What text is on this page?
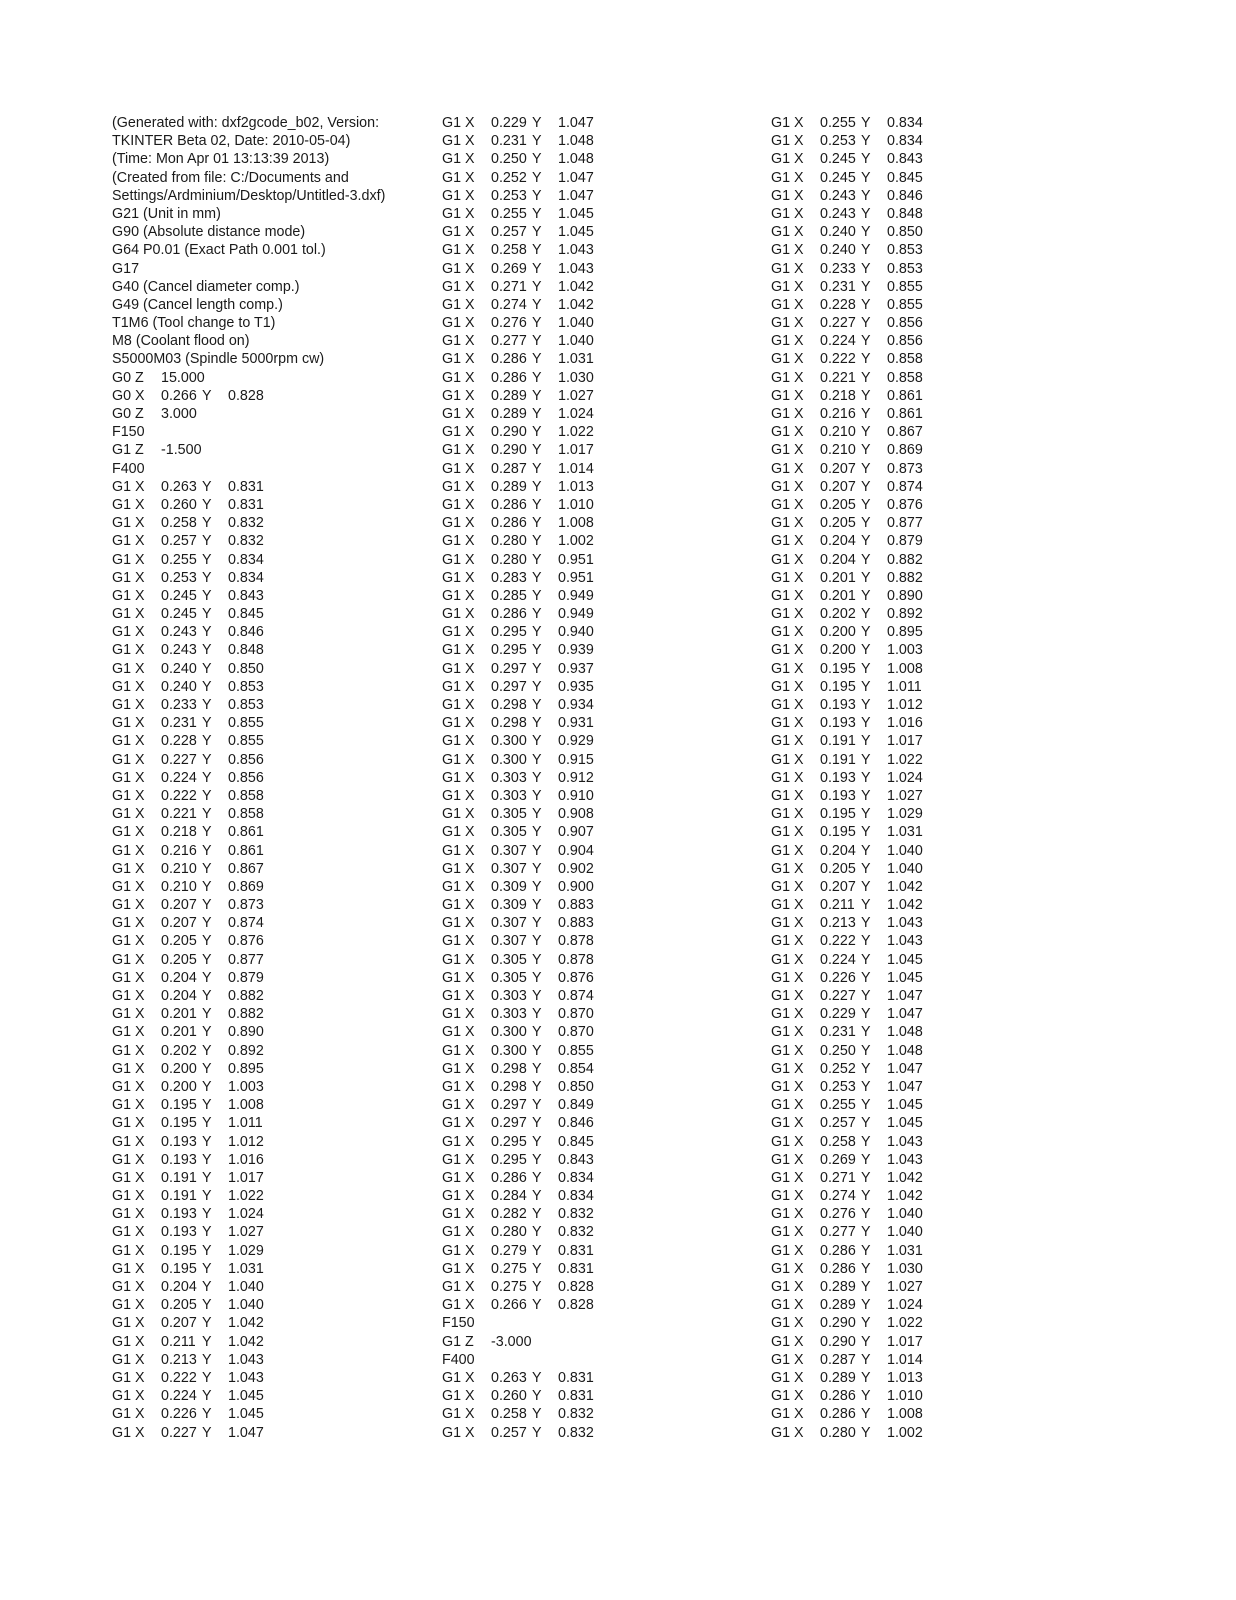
(Generated with: dxf2gcode_b02, Version:
TKINTER Beta 02, Date: 2010-05-04)
(Time: Mon Apr 01 13:13:39 2013)
(Created from file: C:/Documents and
Settings/Ardminium/Desktop/Untitled-3.dxf)
G21 (Unit in mm)
G90 (Absolute distance mode)
G64 P0.01 (Exact Path 0.001 tol.)
G17
G40 (Cancel diameter comp.)
G49 (Cancel length comp.)
T1M6 (Tool change to T1)
M8 (Coolant flood on)
S5000M03 (Spindle 5000rpm cw)
G0 Z 15.000
G0 X 0.266 Y 0.828
G0 Z 3.000
F150
G1 Z -1.500
F400
G1 X 0.263 Y 0.831
G1 X 0.260 Y 0.831
G1 X 0.258 Y 0.832
G1 X 0.257 Y 0.832
G1 X 0.255 Y 0.834
G1 X 0.253 Y 0.834
G1 X 0.245 Y 0.843
G1 X 0.245 Y 0.845
G1 X 0.243 Y 0.846
G1 X 0.243 Y 0.848
G1 X 0.240 Y 0.850
G1 X 0.240 Y 0.853
G1 X 0.233 Y 0.853
G1 X 0.231 Y 0.855
G1 X 0.228 Y 0.855
G1 X 0.227 Y 0.856
G1 X 0.224 Y 0.856
G1 X 0.222 Y 0.858
G1 X 0.221 Y 0.858
G1 X 0.218 Y 0.861
G1 X 0.216 Y 0.861
G1 X 0.210 Y 0.867
G1 X 0.210 Y 0.869
G1 X 0.207 Y 0.873
G1 X 0.207 Y 0.874
G1 X 0.205 Y 0.876
G1 X 0.205 Y 0.877
G1 X 0.204 Y 0.879
G1 X 0.204 Y 0.882
G1 X 0.201 Y 0.882
G1 X 0.201 Y 0.890
G1 X 0.202 Y 0.892
G1 X 0.200 Y 0.895
G1 X 0.200 Y 1.003
G1 X 0.195 Y 1.008
G1 X 0.195 Y 1.011
G1 X 0.193 Y 1.012
G1 X 0.193 Y 1.016
G1 X 0.191 Y 1.017
G1 X 0.191 Y 1.022
G1 X 0.193 Y 1.024
G1 X 0.193 Y 1.027
G1 X 0.195 Y 1.029
G1 X 0.195 Y 1.031
G1 X 0.204 Y 1.040
G1 X 0.205 Y 1.040
G1 X 0.207 Y 1.042
G1 X 0.211 Y 1.042
G1 X 0.213 Y 1.043
G1 X 0.222 Y 1.043
G1 X 0.224 Y 1.045
G1 X 0.226 Y 1.045
G1 X 0.227 Y 1.047
G1 X 0.229 Y 1.047
G1 X 0.231 Y 1.048
G1 X 0.250 Y 1.048
G1 X 0.252 Y 1.047
G1 X 0.253 Y 1.047
G1 X 0.255 Y 1.045
G1 X 0.257 Y 1.045
G1 X 0.258 Y 1.043
G1 X 0.269 Y 1.043
G1 X 0.271 Y 1.042
G1 X 0.274 Y 1.042
G1 X 0.276 Y 1.040
G1 X 0.277 Y 1.040
G1 X 0.286 Y 1.031
G1 X 0.286 Y 1.030
G1 X 0.289 Y 1.027
G1 X 0.289 Y 1.024
G1 X 0.290 Y 1.022
G1 X 0.290 Y 1.017
G1 X 0.287 Y 1.014
G1 X 0.289 Y 1.013
G1 X 0.286 Y 1.010
G1 X 0.286 Y 1.008
G1 X 0.280 Y 1.002
G1 X 0.280 Y 0.951
G1 X 0.283 Y 0.951
G1 X 0.285 Y 0.949
G1 X 0.286 Y 0.949
G1 X 0.295 Y 0.940
G1 X 0.295 Y 0.939
G1 X 0.297 Y 0.937
G1 X 0.297 Y 0.935
G1 X 0.298 Y 0.934
G1 X 0.298 Y 0.931
G1 X 0.300 Y 0.929
G1 X 0.300 Y 0.915
G1 X 0.303 Y 0.912
G1 X 0.303 Y 0.910
G1 X 0.305 Y 0.908
G1 X 0.305 Y 0.907
G1 X 0.307 Y 0.904
G1 X 0.307 Y 0.902
G1 X 0.309 Y 0.900
G1 X 0.309 Y 0.883
G1 X 0.307 Y 0.883
G1 X 0.307 Y 0.878
G1 X 0.305 Y 0.878
G1 X 0.305 Y 0.876
G1 X 0.303 Y 0.874
G1 X 0.303 Y 0.870
G1 X 0.300 Y 0.870
G1 X 0.300 Y 0.855
G1 X 0.298 Y 0.854
G1 X 0.298 Y 0.850
G1 X 0.297 Y 0.849
G1 X 0.297 Y 0.846
G1 X 0.295 Y 0.845
G1 X 0.295 Y 0.843
G1 X 0.286 Y 0.834
G1 X 0.284 Y 0.834
G1 X 0.282 Y 0.832
G1 X 0.280 Y 0.832
G1 X 0.279 Y 0.831
G1 X 0.275 Y 0.831
G1 X 0.275 Y 0.828
G1 X 0.266 Y 0.828
F150
G1 Z -3.000
F400
G1 X 0.263 Y 0.831
G1 X 0.260 Y 0.831
G1 X 0.258 Y 0.832
G1 X 0.257 Y 0.832
G1 X 0.255 Y 0.834
G1 X 0.253 Y 0.834
G1 X 0.245 Y 0.843
G1 X 0.245 Y 0.845
G1 X 0.243 Y 0.846
G1 X 0.243 Y 0.848
G1 X 0.240 Y 0.850
G1 X 0.240 Y 0.853
G1 X 0.233 Y 0.853
G1 X 0.231 Y 0.855
G1 X 0.228 Y 0.855
G1 X 0.227 Y 0.856
G1 X 0.224 Y 0.856
G1 X 0.222 Y 0.858
G1 X 0.221 Y 0.858
G1 X 0.218 Y 0.861
G1 X 0.216 Y 0.861
G1 X 0.210 Y 0.867
G1 X 0.210 Y 0.869
G1 X 0.207 Y 0.873
G1 X 0.207 Y 0.874
G1 X 0.205 Y 0.876
G1 X 0.205 Y 0.877
G1 X 0.204 Y 0.879
G1 X 0.204 Y 0.882
G1 X 0.201 Y 0.882
G1 X 0.201 Y 0.890
G1 X 0.202 Y 0.892
G1 X 0.200 Y 0.895
G1 X 0.200 Y 1.003
G1 X 0.195 Y 1.008
G1 X 0.195 Y 1.011
G1 X 0.193 Y 1.012
G1 X 0.193 Y 1.016
G1 X 0.191 Y 1.017
G1 X 0.191 Y 1.022
G1 X 0.193 Y 1.024
G1 X 0.193 Y 1.027
G1 X 0.195 Y 1.029
G1 X 0.195 Y 1.031
G1 X 0.204 Y 1.040
G1 X 0.205 Y 1.040
G1 X 0.207 Y 1.042
G1 X 0.211 Y 1.042
G1 X 0.213 Y 1.043
G1 X 0.222 Y 1.043
G1 X 0.224 Y 1.045
G1 X 0.226 Y 1.045
G1 X 0.227 Y 1.047
G1 X 0.229 Y 1.047
G1 X 0.231 Y 1.048
G1 X 0.250 Y 1.048
G1 X 0.252 Y 1.047
G1 X 0.253 Y 1.047
G1 X 0.255 Y 1.045
G1 X 0.257 Y 1.045
G1 X 0.258 Y 1.043
G1 X 0.269 Y 1.043
G1 X 0.271 Y 1.042
G1 X 0.274 Y 1.042
G1 X 0.276 Y 1.040
G1 X 0.277 Y 1.040
G1 X 0.286 Y 1.031
G1 X 0.286 Y 1.030
G1 X 0.289 Y 1.027
G1 X 0.289 Y 1.024
G1 X 0.290 Y 1.022
G1 X 0.290 Y 1.017
G1 X 0.287 Y 1.014
G1 X 0.289 Y 1.013
G1 X 0.286 Y 1.010
G1 X 0.286 Y 1.008
G1 X 0.280 Y 1.002
